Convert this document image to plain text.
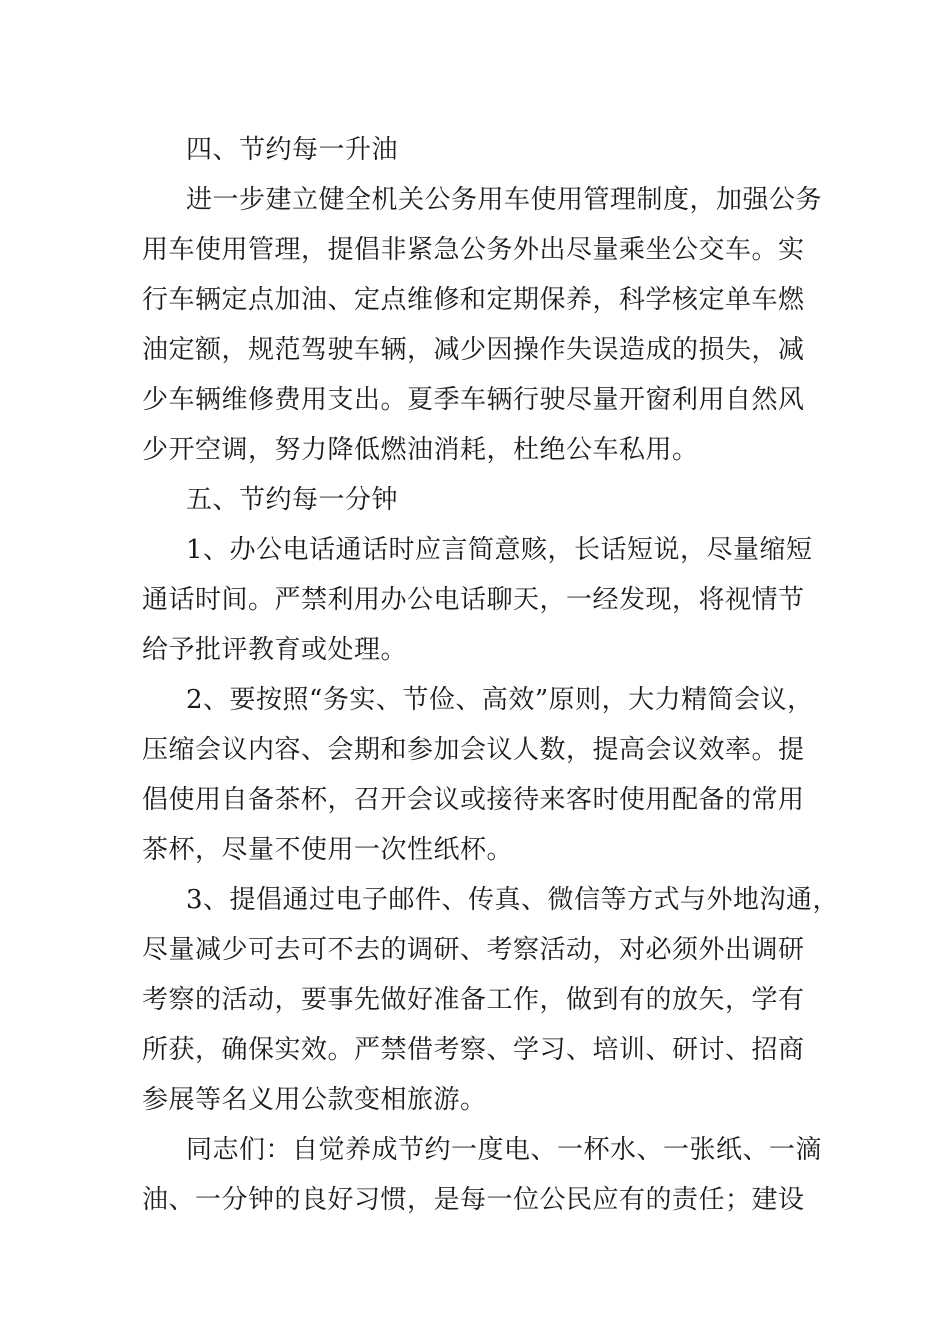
四、节约每一升油

进一步建立健全机关公务用车使用管理制度，加强公务

用车使用管理，提倡非紧急公务外出尽量乘坐公交车。实

行车辆定点加油、定点维修和定期保养，科学核定单车燃

油定额，规范驾驶车辆，减少因操作失误造成的损失，减

少车辆维修费用支出。夏季车辆行驶尽量开窗利用自然风

少开空调，努力降低燃油消耗，杜绝公车私用。

五、节约每一分钟

1、办公电话通话时应言简意赅，长话短说，尽量缩短

通话时间。严禁利用办公电话聊天，一经发现，将视情节

给予批评教育或处理。

2、要按照“务实、节俭、高效”原则，大力精简会议，

压缩会议内容、会期和参加会议人数，提高会议效率。提

倡使用自备茶杯，召开会议或接待来客时使用配备的常用

茶杯，尽量不使用一次性纸杯。

3、提倡通过电子邮件、传真、微信等方式与外地沟通，

尽量减少可去可不去的调研、考察活动，对必须外出调研

考察的活动，要事先做好准备工作，做到有的放矢，学有

所获，确保实效。严禁借考察、学习、培训、研讨、招商

参展等名义用公款变相旅游。

同志们：自觉养成节约一度电、一杯水、一张纸、一滴

油、一分钟的良好习惯，是每一位公民应有的责任；建设
